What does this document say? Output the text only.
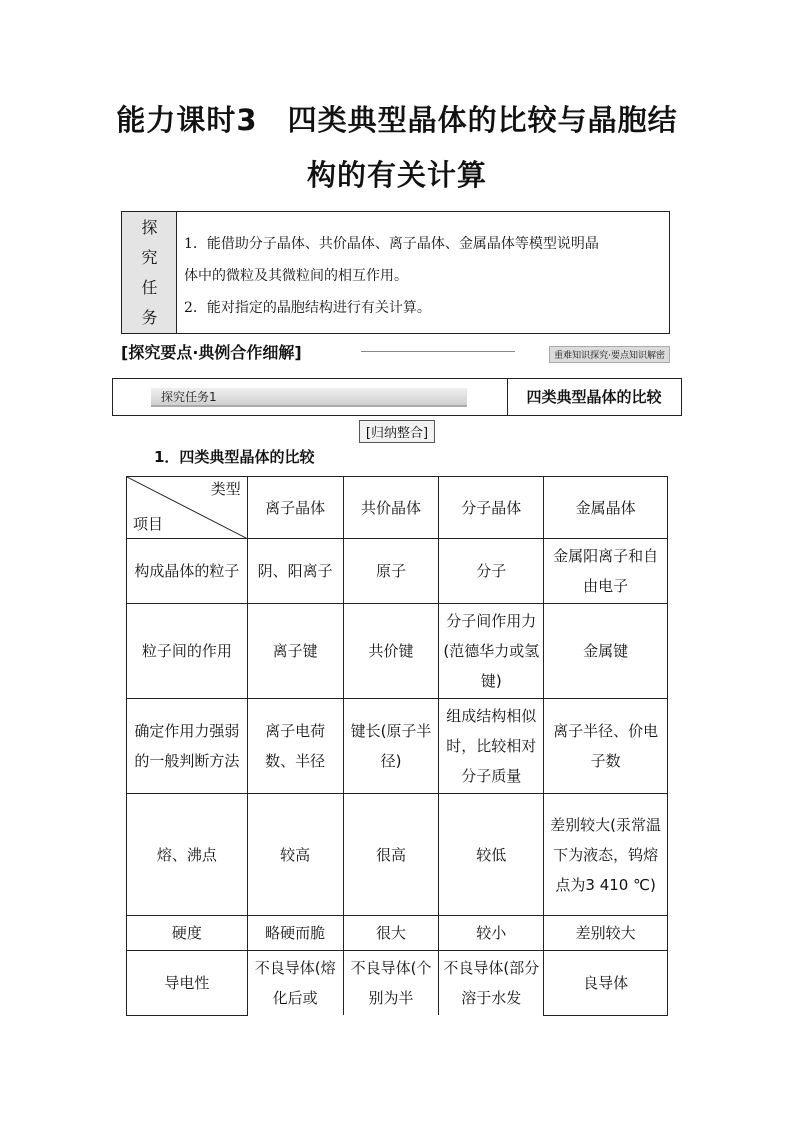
能力课时3　四类典型晶体的比较与晶胞结
构的有关计算
探
究
任
务
1．能借助分子晶体、共价晶体、离子晶体、金属晶体等模型说明晶
体中的微粒及其微粒间的相互作用。
2．能对指定的晶胞结构进行有关计算。
[探究要点·典例合作细解]	重难知识探究·要点知识解密
探究任务1	四类典型晶体的比较
[归纳整合]
1．四类典型晶体的比较
类型
项目	离子晶体	共价晶体	分子晶体	金属晶体
构成晶体的粒子	阴、阳离子	原子	分子	金属阳离子和自由电子
粒子间的作用	离子键	共价键	分子间作用力(范德华力或氢键)	金属键
确定作用力强弱的一般判断方法	离子电荷数、半径	键长(原子半径)	组成结构相似时，比较相对分子质量	离子半径、价电子数
熔、沸点	较高	很高	较低	差别较大(汞常温下为液态，钨熔点为3 410 ℃)
硬度	略硬而脆	很大	较小	差别较大
导电性	不良导体(熔化后或	不良导体(个别为半	不良导体(部分溶于水发	良导体
